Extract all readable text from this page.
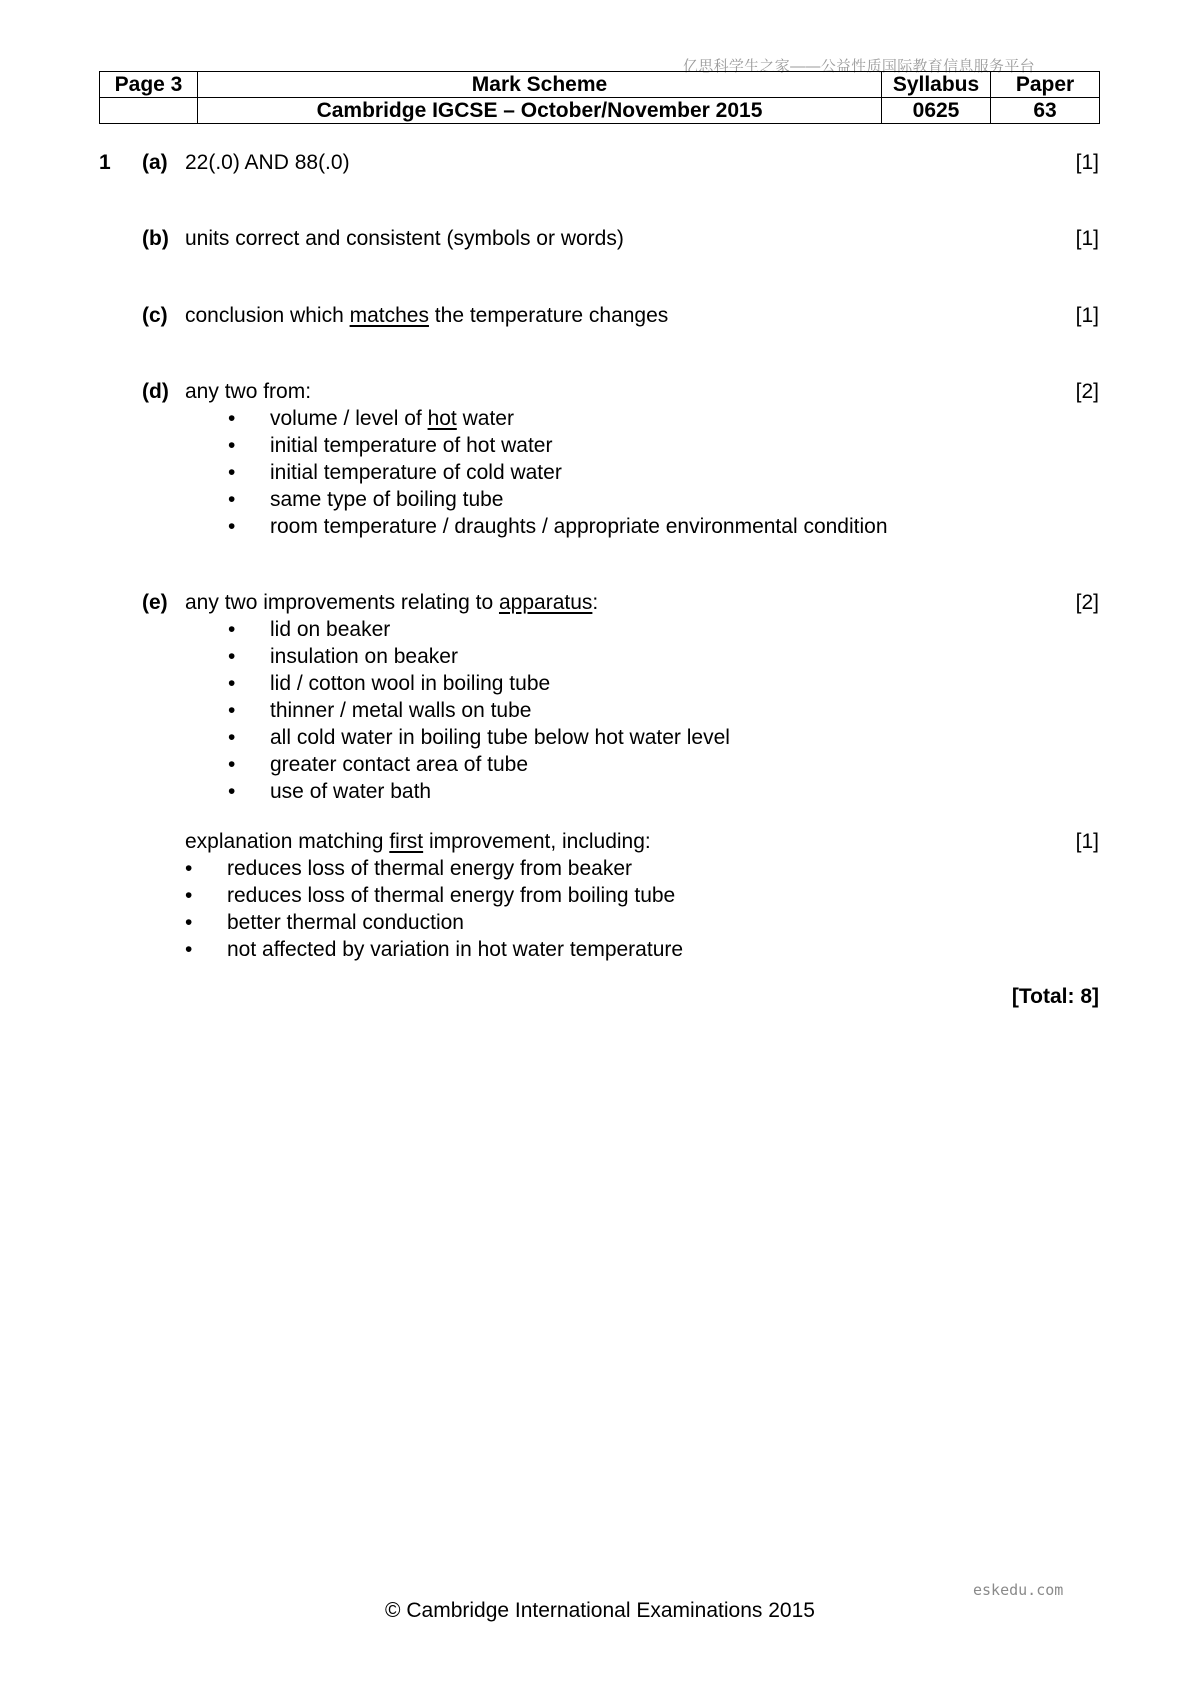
亿思科学生之家——公益性质国际教育信息服务平台
Page 3	Mark Scheme	Syllabus	Paper
	Cambridge IGCSE – October/November 2015	0625	63
1 (a) 22(.0) AND 88(.0)	[1]
(b) units correct and consistent (symbols or words)	[1]
(c) conclusion which matches the temperature changes	[1]
(d) any two from:	[2]
• volume / level of hot water
• initial temperature of hot water
• initial temperature of cold water
• same type of boiling tube
• room temperature / draughts / appropriate environmental condition
(e) any two improvements relating to apparatus:	[2]
• lid on beaker
• insulation on beaker
• lid / cotton wool in boiling tube
• thinner / metal walls on tube
• all cold water in boiling tube below hot water level
• greater contact area of tube
• use of water bath
explanation matching first improvement, including:	[1]
• reduces loss of thermal energy from beaker
• reduces loss of thermal energy from boiling tube
• better thermal conduction
• not affected by variation in hot water temperature
[Total: 8]
eskedu.com
© Cambridge International Examinations 2015
